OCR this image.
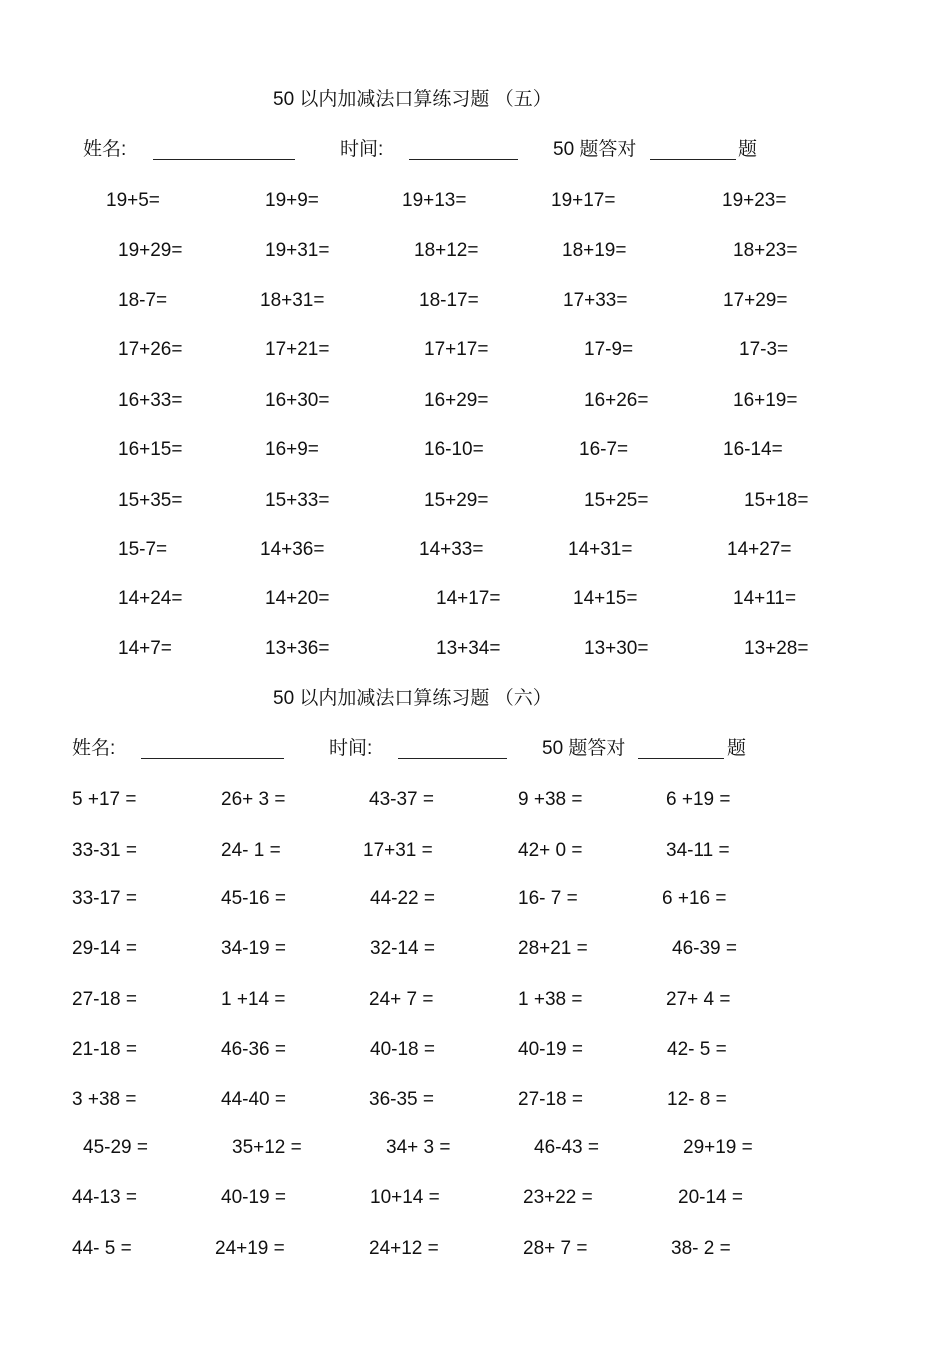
50 以内加减法口算练习题 （五）
姓名:	时间:	50 题答对	题
19+5=	19+9=	19+13=	19+17=	19+23=
19+29=	19+31=	18+12=	18+19=	18+23=
18-7=	18+31=	18-17=	17+33=	17+29=
17+26=	17+21=	17+17=	17-9=	17-3=
16+33=	16+30=	16+29=	16+26=	16+19=
16+15=	16+9=	16-10=	16-7=	16-14=
15+35=	15+33=	15+29=	15+25=	15+18=
15-7=	14+36=	14+33=	14+31=	14+27=
14+24=	14+20=	14+17=	14+15=	14+11=
14+7=	13+36=	13+34=	13+30=	13+28=
50 以内加减法口算练习题 （六）
姓名:	时间:	50 题答对	题
5 +17 =	26+ 3 =	43-37 =	9 +38 =	6 +19 =
33-31 =	24- 1 =	17+31 =	42+ 0 =	34-11 =
33-17 =	45-16 =	44-22 =	16- 7 =	6 +16 =
29-14 =	34-19 =	32-14 =	28+21 =	46-39 =
27-18 =	1 +14 =	24+ 7 =	1 +38 =	27+ 4 =
21-18 =	46-36 =	40-18 =	40-19 =	42- 5 =
3 +38 =	44-40 =	36-35 =	27-18 =	12- 8 =
45-29 =	35+12 =	34+ 3 =	46-43 =	29+19 =
44-13 =	40-19 =	10+14 =	23+22 =	20-14 =
44- 5 =	24+19 =	24+12 =	28+ 7 =	38- 2 =
